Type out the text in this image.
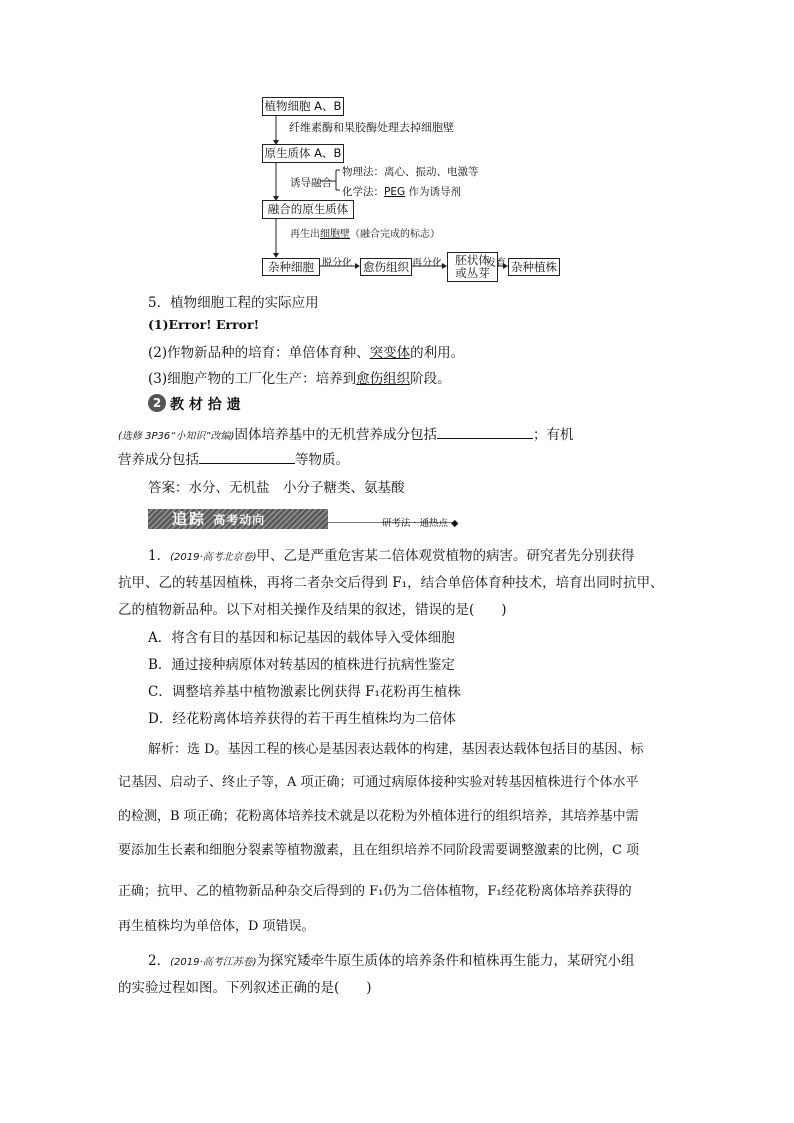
植物细胞 A、B
纤维素酶和果胶酶处理去掉细胞壁
原生质体 A、B
诱导融合
物理法：离心、振动、电激等
化学法：PEG 作为诱导剂
融合的原生质体
再生出细胞壁（融合完成的标志）
杂种细胞 脱分化 愈伤组织 再分化 胚状体
或丛芽
发育 杂种植株
5．植物细胞工程的实际应用
(1)Error! Error!
(2)作物新品种的培育：单倍体育种、突变体的利用。
(3)细胞产物的工厂化生产：培养到愈伤组织阶段。
2 教 材 拾 遗
(选修 3P36“小知识”改编)固体培养基中的无机营养成分包括	；有机
营养成分包括	等物质。
答案：水分、无机盐　小分子糖类、氨基酸
追踪 高考动向	研考法 · 通热点 ◆
1．(2019·高考北京卷)甲、乙是严重危害某二倍体观赏植物的病害。研究者先分别获得
抗甲、乙的转基因植株，再将二者杂交后得到 F₁，结合单倍体育种技术，培育出同时抗甲、
乙的植物新品种。以下对相关操作及结果的叙述，错误的是(　　)
A．将含有目的基因和标记基因的载体导入受体细胞
B．通过接种病原体对转基因的植株进行抗病性鉴定
C．调整培养基中植物激素比例获得 F₁花粉再生植株
D．经花粉离体培养获得的若干再生植株均为二倍体
解析：选 D。基因工程的核心是基因表达载体的构建，基因表达载体包括目的基因、标
记基因、启动子、终止子等，A 项正确；可通过病原体接种实验对转基因植株进行个体水平
的检测，B 项正确；花粉离体培养技术就是以花粉为外植体进行的组织培养，其培养基中需
要添加生长素和细胞分裂素等植物激素，且在组织培养不同阶段需要调整激素的比例，C 项
正确；抗甲、乙的植物新品种杂交后得到的 F₁仍为二倍体植物，F₁经花粉离体培养获得的
再生植株均为单倍体，D 项错误。
2．(2019·高考江苏卷)为探究矮牵牛原生质体的培养条件和植株再生能力，某研究小组
的实验过程如图。下列叙述正确的是(　　)
